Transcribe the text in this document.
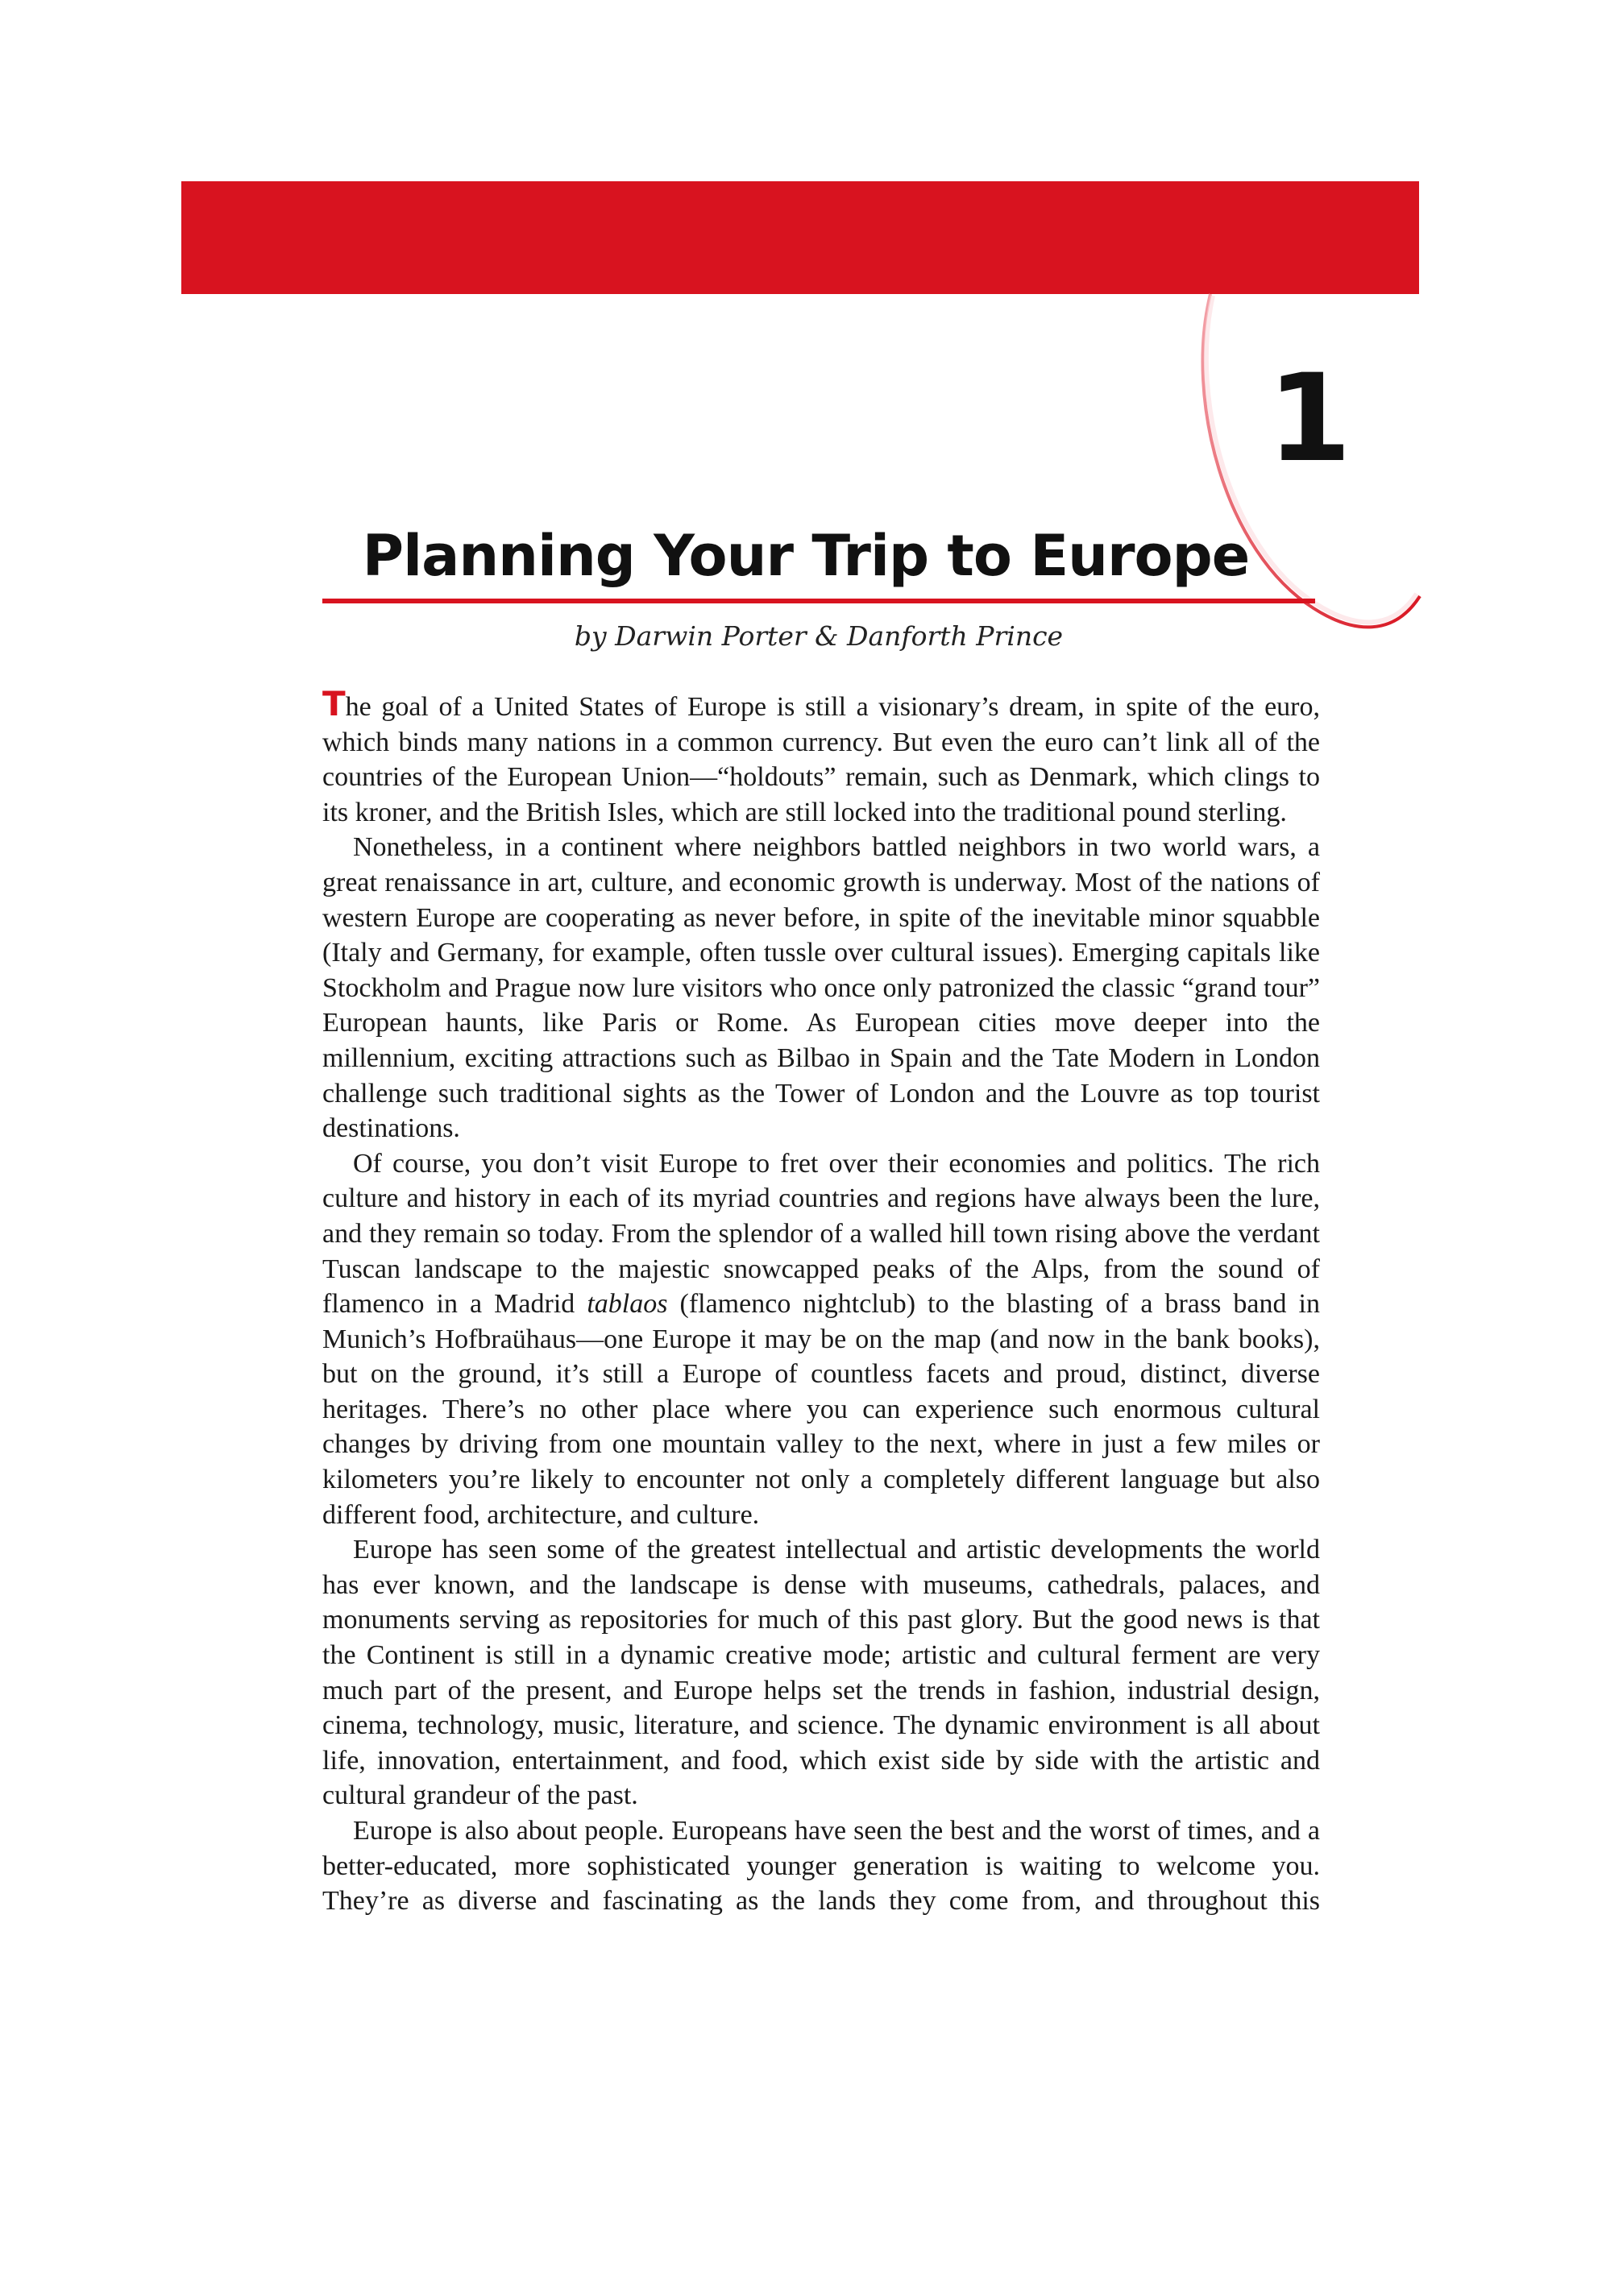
1
Planning Your Trip to Europe
by Darwin Porter & Danforth Prince

The goal of a United States of Europe is still a visionary’s dream, in spite of the euro, which binds many nations in a common currency. But even the euro can’t link all of the countries of the European Union—“holdouts” remain, such as Denmark, which clings to its kroner, and the British Isles, which are still locked into the traditional pound sterling.

Nonetheless, in a continent where neighbors battled neighbors in two world wars, a great renaissance in art, culture, and economic growth is underway. Most of the nations of western Europe are cooperating as never before, in spite of the inevitable minor squabble (Italy and Germany, for example, often tussle over cultural issues). Emerging capitals like Stockholm and Prague now lure visitors who once only patronized the classic “grand tour” European haunts, like Paris or Rome. As European cities move deeper into the millennium, exciting attractions such as Bilbao in Spain and the Tate Modern in London challenge such traditional sights as the Tower of London and the Louvre as top tourist destinations.

Of course, you don’t visit Europe to fret over their economies and politics. The rich culture and history in each of its myriad countries and regions have always been the lure, and they remain so today. From the splendor of a walled hill town rising above the verdant Tuscan landscape to the majestic snowcapped peaks of the Alps, from the sound of flamenco in a Madrid tablaos (flamenco nightclub) to the blasting of a brass band in Munich’s Hofbraühaus—one Europe it may be on the map (and now in the bank books), but on the ground, it’s still a Europe of countless facets and proud, distinct, diverse heritages. There’s no other place where you can experience such enormous cultural changes by driving from one mountain valley to the next, where in just a few miles or kilometers you’re likely to encounter not only a completely different language but also different food, architecture, and culture.

Europe has seen some of the greatest intellectual and artistic developments the world has ever known, and the landscape is dense with museums, cathedrals, palaces, and monuments serving as repositories for much of this past glory. But the good news is that the Continent is still in a dynamic creative mode; artistic and cultural ferment are very much part of the present, and Europe helps set the trends in fashion, industrial design, cinema, technology, music, literature, and science. The dynamic environment is all about life, innovation, entertainment, and food, which exist side by side with the artistic and cultural grandeur of the past.

Europe is also about people. Europeans have seen the best and the worst of times, and a better-educated, more sophisticated younger generation is waiting to welcome you. They’re as diverse and fascinating as the lands they come from, and throughout this
